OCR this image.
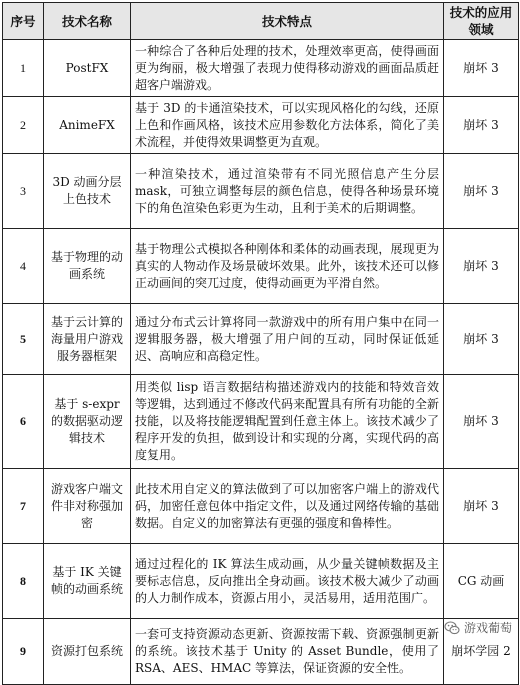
序号	技术名称	技术特点	技术的应用领域
1	PostFX	一种综合了各种后处理的技术，处理效率更高，使得画面更为绚丽，极大增强了表现力使得移动游戏的画面品质赶超客户端游戏。	崩坏 3
2	AnimeFX	基于 3D 的卡通渲染技术，可以实现风格化的勾线，还原上色和作画风格，该技术应用参数化方法体系，简化了美术流程，并使得效果调整更为直观。	崩坏 3
3	3D 动画分层上色技术	一种渲染技术，通过渲染带有不同光照信息产生分层 mask，可独立调整每层的颜色信息，使得各种场景环境下的角色渲染色彩更为生动，且利于美术的后期调整。	崩坏 3
4	基于物理的动画系统	基于物理公式模拟各种刚体和柔体的动画表现，展现更为真实的人物动作及场景破坏效果。此外，该技术还可以修正动画间的突兀过度，使得动画更为平滑自然。	崩坏 3
5	基于云计算的海量用户游戏服务器框架	通过分布式云计算将同一款游戏中的所有用户集中在同一逻辑服务器，极大增强了用户间的互动，同时保证低延迟、高响应和高稳定性。	崩坏 3
6	基于 s-expr 的数据驱动逻辑技术	用类似 lisp 语言数据结构描述游戏内的技能和特效音效等逻辑，达到通过不修改代码来配置具有所有功能的全新技能，以及将技能逻辑配置到任意主体上。该技术减少了程序开发的负担，做到设计和实现的分离，实现代码的高度复用。	崩坏 3
7	游戏客户端文件非对称强加密	此技术用自定义的算法做到了可以加密客户端上的游戏代码，加密任意包体中指定文件，以及通过网络传输的基础数据。自定义的加密算法有更强的强度和鲁棒性。	崩坏 3
8	基于 IK 关键帧的动画系统	通过过程化的 IK 算法生成动画，从少量关键帧数据及主要标志信息，反向推出全身动画。该技术极大减少了动画的人力制作成本，资源占用小，灵活易用，适用范围广。	CG 动画
9	资源打包系统	一套可支持资源动态更新、资源按需下载、资源强制更新的系统。该技术基于 Unity 的 Asset Bundle，使用了 RSA、AES、HMAC 等算法，保证资源的安全性。	崩坏学园 2
游戏葡萄
